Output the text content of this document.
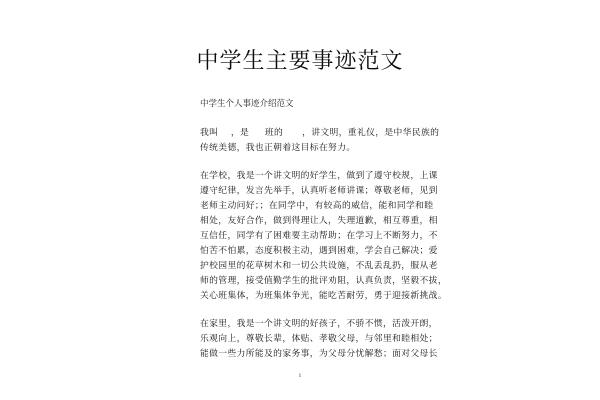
中学生主要事迹范文
中学生个人事迹介绍范文
我叫    ，是     班的      ，讲文明，重礼仪，是中华民族的
传统美德，我也正朝着这目标在努力。
在学校，我是一个讲文明的好学生，做到了遵守校规，上课
遵守纪律，发言先举手，认真听老师讲课；尊敬老师，见到
老师主动问好；；在同学中，有较高的威信，能和同学和睦
相处，友好合作，做到得理让人，失理道歉，相互尊重，相
互信任，同学有了困难要主动帮助；在学习上不断努力，不
怕苦不怕累，态度积极主动，遇到困难，学会自己解决；爱
护校园里的花草树木和一切公共设施，不乱丢乱扔，服从老
师的管理，接受值勤学生的批评劝阻，认真负责，坚毅不拔，
关心班集体，为班集体争光，能吃苦耐劳，勇于迎接新挑战。
在家里，我是一个讲文明的好孩子，不骄不惯，活泼开朗，
乐观向上，尊敬长辈，体贴、孝敬父母，与邻里和睦相处；
能做一些力所能及的家务事，为父母分忧解愁；面对父母长
1
